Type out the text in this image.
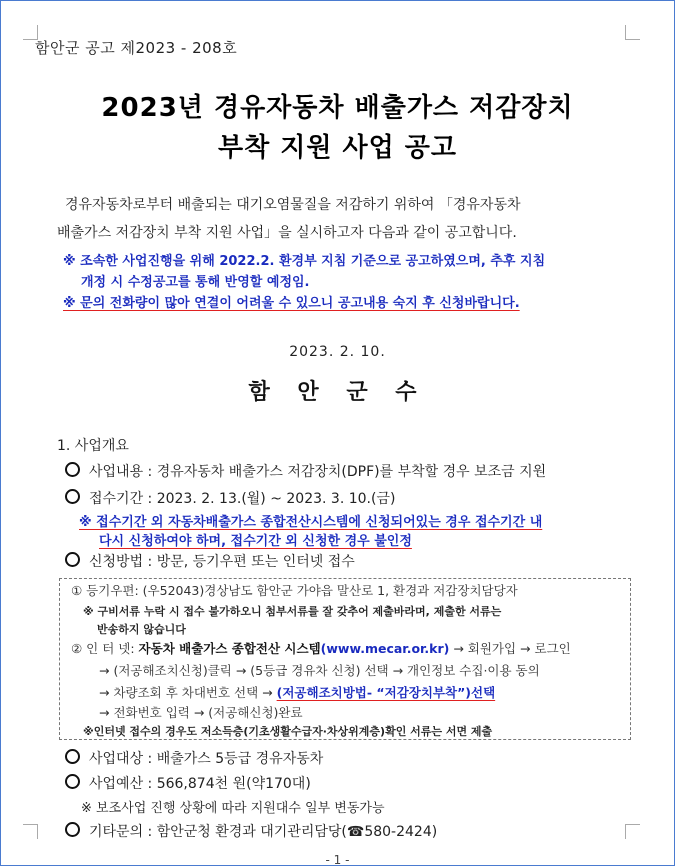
함안군 공고 제2023 - 208호
2023년 경유자동차 배출가스 저감장치
부착 지원 사업 공고
경유자동차로부터 배출되는 대기오염물질을 저감하기 위하여 「경유자동차
배출가스 저감장치 부착 지원 사업」을 실시하고자 다음과 같이 공고합니다.
※ 조속한 사업진행을 위해 2022.2. 환경부 지침 기준으로 공고하였으며, 추후 지침
개정 시 수정공고를 통해 반영할 예정임.
※ 문의 전화량이 많아 연결이 어려울 수 있으니 공고내용 숙지 후 신청바랍니다.
2023. 2. 10.
함 안 군 수
1. 사업개요
사업내용 : 경유자동차 배출가스 저감장치(DPF)를 부착할 경우 보조금 지원
접수기간 : 2023. 2. 13.(월) ~ 2023. 3. 10.(금)
※ 접수기간 외 자동차배출가스 종합전산시스템에 신청되어있는 경우 접수기간 내
다시 신청하여야 하며, 접수기간 외 신청한 경우 불인정
신청방법 : 방문, 등기우편 또는 인터넷 접수
① 등기우편: (우52043)경상남도 함안군 가야읍 말산로 1, 환경과 저감장치담당자
※ 구비서류 누락 시 접수 불가하오니 첨부서류를 잘 갖추어 제출바라며, 제출한 서류는
반송하지 않습니다
② 인 터 넷: 자동차 배출가스 종합전산 시스템(www.mecar.or.kr) → 회원가입 → 로그인
→ (저공해조치신청)클릭 → (5등급 경유차 신청) 선택 → 개인정보 수집·이용 동의
→ 차량조회 후 차대번호 선택 → (저공해조치방법- “저감장치부착”)선택
→ 전화번호 입력 → (저공해신청)완료
※인터넷 접수의 경우도 저소득층(기초생활수급자·차상위계층)확인 서류는 서면 제출
사업대상 : 배출가스 5등급 경유자동차
사업예산 : 566,874천 원(약170대)
※ 보조사업 진행 상황에 따라 지원대수 일부 변동가능
기타문의 : 함안군청 환경과 대기관리담당(☎580-2424)
- 1 -
